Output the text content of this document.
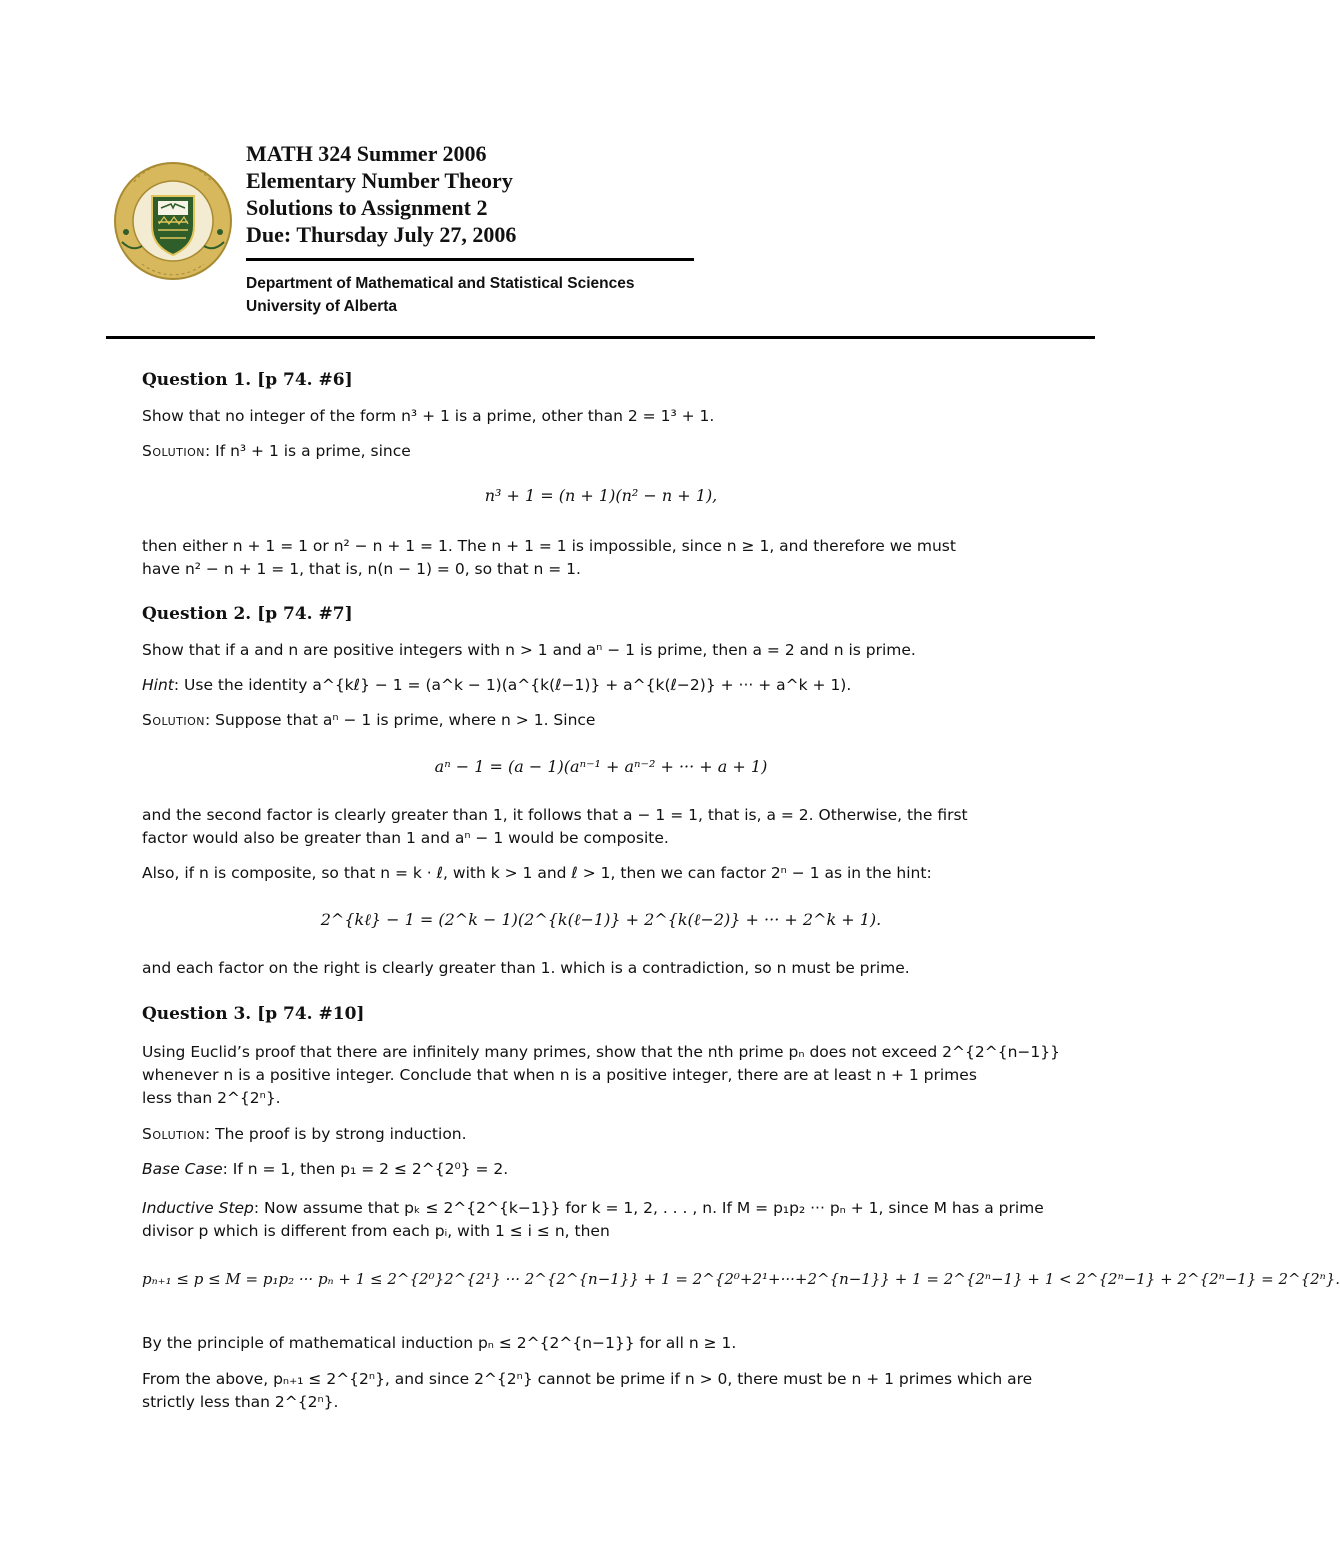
MATH 324 Summer 2006
Elementary Number Theory
Solutions to Assignment 2
Due: Thursday July 27, 2006
Department of Mathematical and Statistical Sciences
University of Alberta
Question 1. [p 74. #6]
Show that no integer of the form n³ + 1 is a prime, other than 2 = 1³ + 1.
Solution: If n³ + 1 is a prime, since
n³ + 1 = (n + 1)(n² − n + 1),
then either n + 1 = 1 or n² − n + 1 = 1. The n + 1 = 1 is impossible, since n ≥ 1, and therefore we must
have n² − n + 1 = 1, that is, n(n − 1) = 0, so that n = 1.
Question 2. [p 74. #7]
Show that if a and n are positive integers with n > 1 and aⁿ − 1 is prime, then a = 2 and n is prime.
Hint: Use the identity a^{kℓ} − 1 = (a^k − 1)(a^{k(ℓ−1)} + a^{k(ℓ−2)} + ··· + a^k + 1).
Solution: Suppose that aⁿ − 1 is prime, where n > 1. Since
aⁿ − 1 = (a − 1)(aⁿ⁻¹ + aⁿ⁻² + ··· + a + 1)
and the second factor is clearly greater than 1, it follows that a − 1 = 1, that is, a = 2. Otherwise, the first
factor would also be greater than 1 and aⁿ − 1 would be composite.
Also, if n is composite, so that n = k · ℓ, with k > 1 and ℓ > 1, then we can factor 2ⁿ − 1 as in the hint:
2^{kℓ} − 1 = (2^k − 1)(2^{k(ℓ−1)} + 2^{k(ℓ−2)} + ··· + 2^k + 1).
and each factor on the right is clearly greater than 1. which is a contradiction, so n must be prime.
Question 3. [p 74. #10]
Using Euclid’s proof that there are infinitely many primes, show that the nth prime pₙ does not exceed 2^{2^{n−1}}
whenever n is a positive integer. Conclude that when n is a positive integer, there are at least n + 1 primes
less than 2^{2ⁿ}.
Solution: The proof is by strong induction.
Base Case: If n = 1, then p₁ = 2 ≤ 2^{2⁰} = 2.
Inductive Step: Now assume that pₖ ≤ 2^{2^{k−1}} for k = 1, 2, . . . , n. If M = p₁p₂ ··· pₙ + 1, since M has a prime
divisor p which is different from each pᵢ, with 1 ≤ i ≤ n, then
pₙ₊₁ ≤ p ≤ M = p₁p₂ ··· pₙ + 1 ≤ 2^{2⁰}2^{2¹} ··· 2^{2^{n−1}} + 1 = 2^{2⁰+2¹+···+2^{n−1}} + 1 = 2^{2ⁿ−1} + 1 < 2^{2ⁿ−1} + 2^{2ⁿ−1} = 2^{2ⁿ}.
By the principle of mathematical induction pₙ ≤ 2^{2^{n−1}} for all n ≥ 1.
From the above, pₙ₊₁ ≤ 2^{2ⁿ}, and since 2^{2ⁿ} cannot be prime if n > 0, there must be n + 1 primes which are
strictly less than 2^{2ⁿ}.
